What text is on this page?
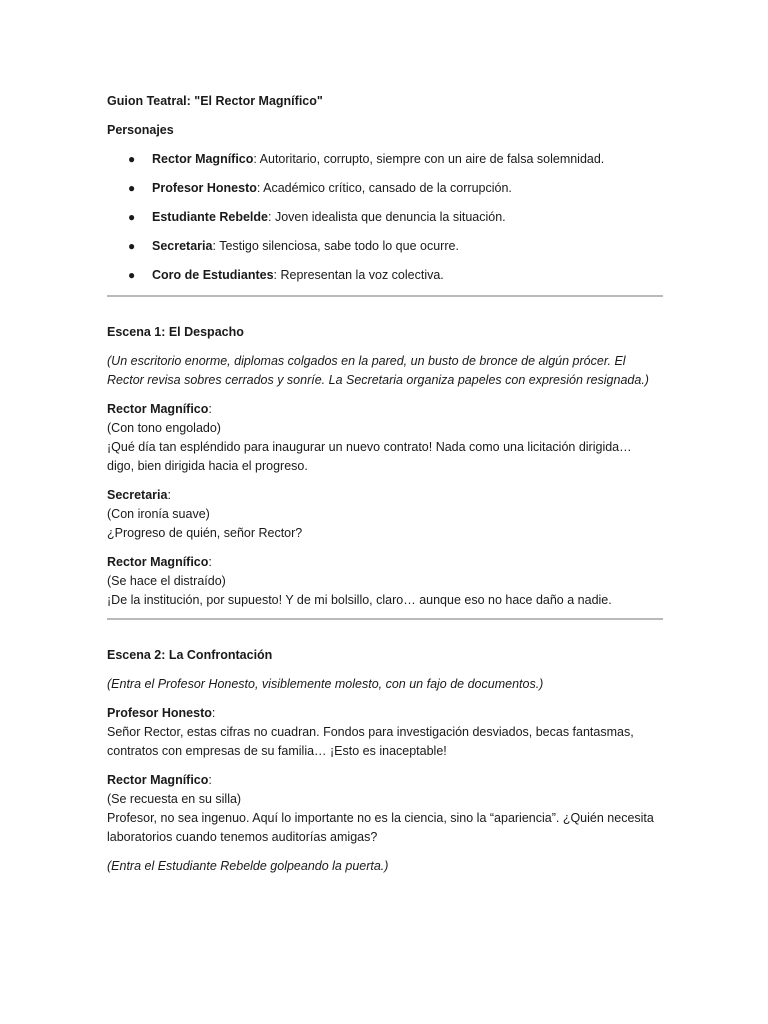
Guion Teatral: "El Rector Magnífico"

Personajes

● Rector Magnífico: Autoritario, corrupto, siempre con un aire de falsa solemnidad.
● Profesor Honesto: Académico crítico, cansado de la corrupción.
● Estudiante Rebelde: Joven idealista que denuncia la situación.
● Secretaria: Testigo silenciosa, sabe todo lo que ocurre.
● Coro de Estudiantes: Representan la voz colectiva.

Escena 1: El Despacho

(Un escritorio enorme, diplomas colgados en la pared, un busto de bronce de algún prócer. El

Rector revisa sobres cerrados y sonríe. La Secretaria organiza papeles con expresión resignada.)

Rector Magnífico:

(Con tono engolado)

¡Qué día tan espléndido para inaugurar un nuevo contrato! Nada como una licitación dirigida…

digo, bien dirigida hacia el progreso.

Secretaria:

(Con ironía suave)

¿Progreso de quién, señor Rector?

Rector Magnífico:

(Se hace el distraído)

¡De la institución, por supuesto! Y de mi bolsillo, claro… aunque eso no hace daño a nadie.

Escena 2: La Confrontación

(Entra el Profesor Honesto, visiblemente molesto, con un fajo de documentos.)

Profesor Honesto:

Señor Rector, estas cifras no cuadran. Fondos para investigación desviados, becas fantasmas,

contratos con empresas de su familia… ¡Esto es inaceptable!

Rector Magnífico:

(Se recuesta en su silla)

Profesor, no sea ingenuo. Aquí lo importante no es la ciencia, sino la “apariencia”. ¿Quién necesita

laboratorios cuando tenemos auditorías amigas?

(Entra el Estudiante Rebelde golpeando la puerta.)
